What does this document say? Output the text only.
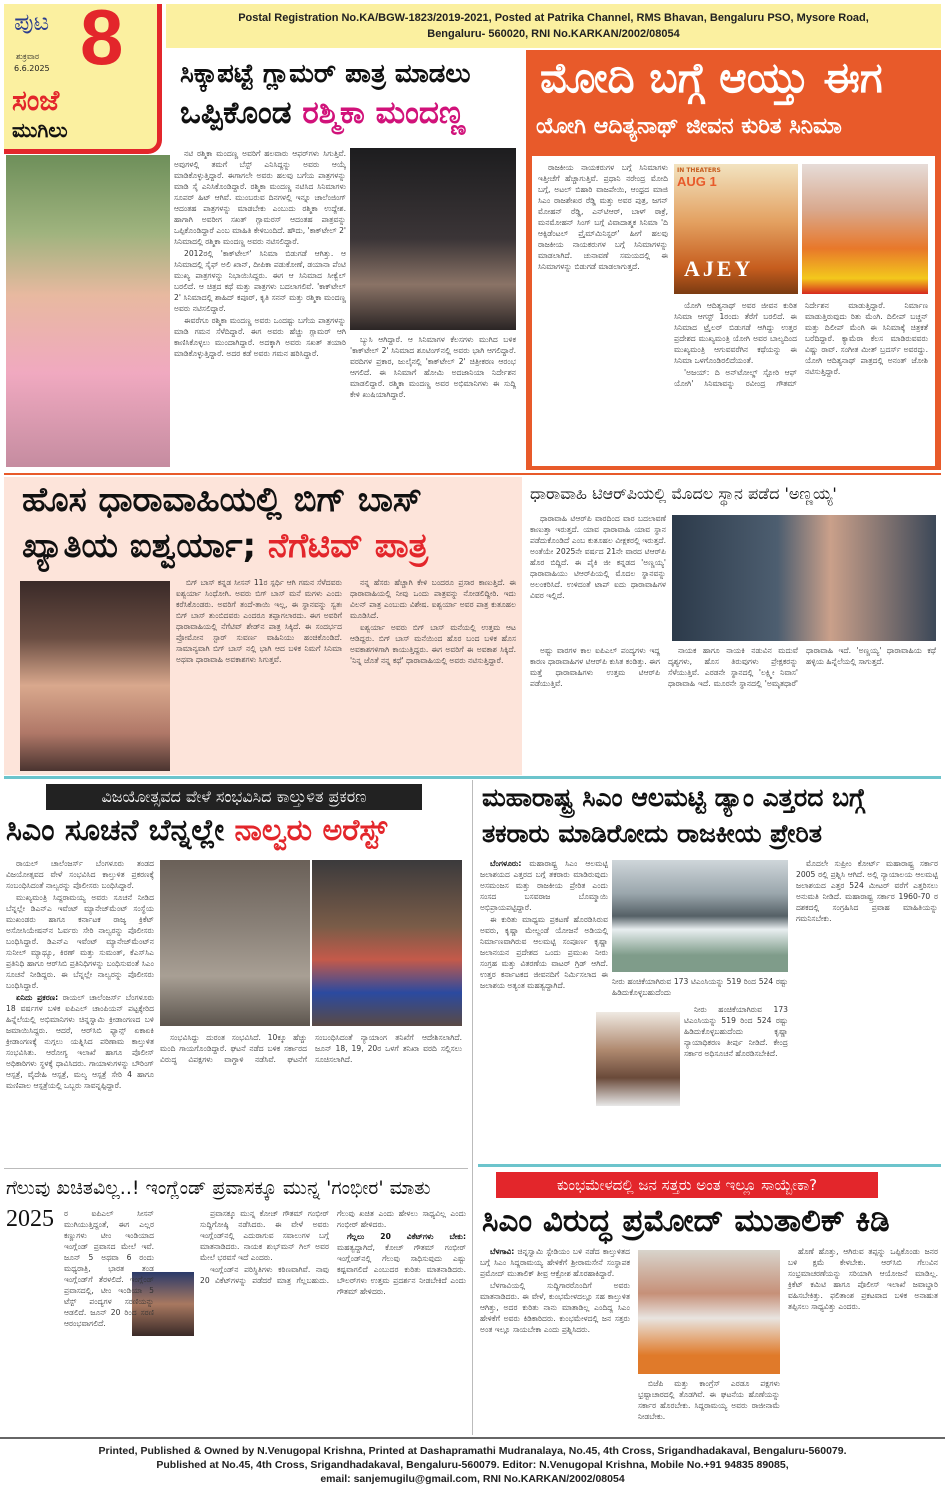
ಪುಟ 8
ಶುಕ್ರವಾರ
6.6.2025
ಸಂಜೆ
ಮುಗಿಲು
Postal Registration No.KA/BGW-1823/2019-2021, Posted at Patrika Channel, RMS Bhavan, Bengaluru PSO, Mysore Road,
Bengaluru- 560020, RNI No.KARKAN/2002/08054
ಸಿಕ್ಕಾಪಟ್ಟೆ ಗ್ಲಾಮರ್ ಪಾತ್ರ ಮಾಡಲು
ಒಪ್ಪಿಕೊಂಡ ರಶ್ಮಿಕಾ ಮಂದಣ್ಣ

ನಟಿ ರಶ್ಮಿಕಾ ಮಂದಣ್ಣ ಅವರಿಗೆ ಹಲವಾರು ಆಫರ್‌ಗಳು ಸಿಗುತ್ತಿವೆ. ಅವುಗಳಲ್ಲಿ ತಮಗೆ ಬೆಸ್ಟ್ ಎನಿಸಿದ್ದನ್ನು ಅವರು ಆಯ್ಕೆ ಮಾಡಿಕೊಳ್ಳುತ್ತಿದ್ದಾರೆ. ಈಗಾಗಲೇ ಅವರು ಹಲವು ಬಗೆಯ ಪಾತ್ರಗಳನ್ನು ಮಾಡಿ ಸೈ ಎನಿಸಿಕೊಂಡಿದ್ದಾರೆ. ರಶ್ಮಿಕಾ ಮಂದಣ್ಣ ನಟಿಸಿದ ಸಿನಿಮಾಗಳು ಸೂಪರ್ ಹಿಟ್ ಆಗಿವೆ. ಮುಂಬರುವ ದಿನಗಳಲ್ಲಿ ಇನ್ನೂ ಚಾಲೆಂಜಿಂಗ್ ಆದಂತಹ ಪಾತ್ರಗಳನ್ನು ಮಾಡಬೇಕು ಎಂಬುದು ರಶ್ಮಿಕಾ ಉದ್ದೇಶ. ಹಾಗಾಗಿ ಅವರೀಗ ಸಖತ್ ಗ್ಲಾಮರಸ್ ಆದಂತಹ ಪಾತ್ರವನ್ನು ಒಪ್ಪಿಕೊಂಡಿದ್ದಾರೆ ಎಂಬ ಮಾಹಿತಿ ಕೇಳಿಬಂದಿದೆ. ಹೌದು, 'ಕಾಕ್‌ಟೇಲ್ 2' ಸಿನಿಮಾದಲ್ಲಿ ರಶ್ಮಿಕಾ ಮಂದಣ್ಣ ಅವರು ನಟಿಸಲಿದ್ದಾರೆ.

2012ರಲ್ಲಿ 'ಕಾಕ್‌ಟೇಲ್' ಸಿನಿಮಾ ಬಿಡುಗಡೆ ಆಗಿತ್ತು. ಆ ಸಿನಿಮಾದಲ್ಲಿ ಸೈಫ್ ಅಲಿ ಖಾನ್, ದೀಪಿಕಾ ಪಡುಕೋಣೆ, ಡಯಾನಾ ಪೆಂಟಿ ಮುಖ್ಯ ಪಾತ್ರಗಳನ್ನು ನಿಭಾಯಿಸಿದ್ದರು. ಈಗ ಆ ಸಿನಿಮಾದ ಸೀಕ್ವೆಲ್ ಬರಲಿದೆ. ಆ ಚಿತ್ರದ ಕಥೆ ಮತ್ತು ಪಾತ್ರಗಳು ಬದಲಾಗಲಿವೆ. 'ಕಾಕ್‌ಟೇಲ್ 2' ಸಿನಿಮಾದಲ್ಲಿ ಶಾಹಿದ್ ಕಪೂರ್, ಕೃತಿ ಸನನ್ ಮತ್ತು ರಶ್ಮಿಕಾ ಮಂದಣ್ಣ ಅವರು ನಟಿಸಲಿದ್ದಾರೆ.

ಈವರೆಗೂ ರಶ್ಮಿಕಾ ಮಂದಣ್ಣ ಅವರು ಒಂದಷ್ಟು ಬಗೆಯ ಪಾತ್ರಗಳನ್ನು ಮಾಡಿ ಗಮನ ಸೆಳೆದಿದ್ದಾರೆ. ಈಗ ಅವರು ಹೆಚ್ಚು ಗ್ಲಾಮರ್ ಆಗಿ ಕಾಣಿಸಿಕೊಳ್ಳಲು ಮುಂದಾಗಿದ್ದಾರೆ. ಅದಕ್ಕಾಗಿ ಅವರು ಸಖತ್ ತಯಾರಿ ಮಾಡಿಕೊಳ್ಳುತ್ತಿದ್ದಾರೆ. ಅದರ ಕಡೆ ಅವರು ಗಮನ ಹರಿಸಿದ್ದಾರೆ.

ಬ್ಯುಸಿ ಆಗಿದ್ದಾರೆ. ಆ ಸಿನಿಮಾಗಳ ಕೆಲಸಗಳು ಮುಗಿದ ಬಳಿಕ 'ಕಾಕ್‌ಟೇಲ್ 2' ಸಿನಿಮಾದ ಶೂಟಿಂಗ್‌ನಲ್ಲಿ ಅವರು ಭಾಗಿ ಆಗಲಿದ್ದಾರೆ. ವರದಿಗಳ ಪ್ರಕಾರ, ಜುಲೈನಲ್ಲಿ 'ಕಾಕ್‌ಟೇಲ್ 2' ಚಿತ್ರೀಕರಣ ಆರಂಭ ಆಗಲಿದೆ. ಈ ಸಿನಿಮಾಗೆ ಹೋಮಿ ಅದಜಾನಿಯಾ ನಿರ್ದೇಶನ ಮಾಡಲಿದ್ದಾರೆ. ರಶ್ಮಿಕಾ ಮಂದಣ್ಣ ಅವರ ಅಭಿಮಾನಿಗಳು ಈ ಸುದ್ದಿ ಕೇಳಿ ಖುಷಿಯಾಗಿದ್ದಾರೆ.

ಮೋದಿ ಬಗ್ಗೆ ಆಯ್ತು ಈಗ
ಯೋಗಿ ಆದಿತ್ಯನಾಥ್ ಜೀವನ ಕುರಿತ ಸಿನಿಮಾ

ರಾಜಕೀಯ ನಾಯಕರುಗಳ ಬಗ್ಗೆ ಸಿನಿಮಾಗಳು ಇತ್ತೀಚೆಗೆ ಹೆಚ್ಚಾಗುತ್ತಿವೆ. ಪ್ರಧಾನಿ ನರೇಂದ್ರ ಮೋದಿ ಬಗ್ಗೆ, ಅಟಲ್ ಬಿಹಾರಿ ವಾಜಪೇಯಿ, ಆಂಧ್ರದ ಮಾಜಿ ಸಿಎಂ ರಾಜಶೇಖರ ರೆಡ್ಡಿ ಮತ್ತು ಅವರ ಪುತ್ರ, ಜಗನ್ ಮೋಹನ್ ರೆಡ್ಡಿ, ಎನ್‌ಟಿಆರ್, ಬಾಳ್ ಠಾಕ್ರೆ, ಮನಮೋಹನ್ ಸಿಂಗ್ ಬಗ್ಗೆ ವಿವಾದಾತ್ಮಕ ಸಿನಿಮಾ 'ದಿ ಆಕ್ಸಿಡೆಂಟಲ್ ಪ್ರೈಮ್‌ಮಿನಿಸ್ಟರ್' ಹೀಗೆ ಹಲವು ರಾಜಕೀಯ ನಾಯಕರುಗಳ ಬಗ್ಗೆ ಸಿನಿಮಾಗಳನ್ನು ಮಾಡಲಾಗಿದೆ. ಚುನಾವಣೆ ಸಮಯದಲ್ಲಿ ಈ ಸಿನಿಮಾಗಳನ್ನು ಬಿಡುಗಡೆ ಮಾಡಲಾಗುತ್ತದೆ.

IN THEATERS
AUG 1
AJEY

ಯೋಗಿ ಆದಿತ್ಯನಾಥ್ ಅವರ ಜೀವನ ಕುರಿತ ಸಿನಿಮಾ ಆಗಸ್ಟ್ 1ರಂದು ತೆರೆಗೆ ಬರಲಿದೆ. ಈ ಸಿನಿಮಾದ ಟ್ರೈಲರ್ ಬಿಡುಗಡೆ ಆಗಿದ್ದು ಉತ್ತರ ಪ್ರದೇಶದ ಮುಖ್ಯಮಂತ್ರಿ ಯೋಗಿ ಅವರ ಬಾಲ್ಯದಿಂದ ಮುಖ್ಯಮಂತ್ರಿ ಆಗುವವರೆಗಿನ ಕಥೆಯನ್ನು ಈ ಸಿನಿಮಾ ಒಳಗೊಂಡಿರಲಿದೆಯಂತೆ.

'ಅಜಯ್: ದಿ ಅನ್‌ಟೋಲ್ಡ್ ಸ್ಟೋರಿ ಆಫ್ ಯೋಗಿ' ಸಿನಿಮಾವನ್ನು ರವೀಂದ್ರ ಗೌತಮ್ ನಿರ್ದೇಶನ ಮಾಡುತ್ತಿದ್ದಾರೆ. ನಿರ್ಮಾಣ ಮಾಡುತ್ತಿರುವುದು ರಿತು ಮೆಂಗಿ. ದಿಲೀಪ್ ಬಚ್ಚನ್ ಮತ್ತು ದಿಲೀಪ್ ಮೆಂಗಿ ಈ ಸಿನಿಮಾಕ್ಕೆ ಚಿತ್ರಕತೆ ಬರೆದಿದ್ದಾರೆ. ಕ್ಯಾಮೆರಾ ಕೆಲಸ ಮಾಡಿರುವವರು ವಿಷ್ಣು ರಾವ್. ಸಂಗೀತ ಮೀತ್ ಬ್ರದರ್ಸ್ ಅವರದ್ದು. ಯೋಗಿ ಆದಿತ್ಯನಾಥ್ ಪಾತ್ರದಲ್ಲಿ ಅನಂತ್ ಜೋಶಿ ನಟಿಸುತ್ತಿದ್ದಾರೆ.

ಹೊಸ ಧಾರಾವಾಹಿಯಲ್ಲಿ ಬಿಗ್ ಬಾಸ್
ಖ್ಯಾತಿಯ ಐಶ್ವರ್ಯಾ; ನೆಗೆಟಿವ್ ಪಾತ್ರ

ಬಿಗ್ ಬಾಸ್ ಕನ್ನಡ ಸೀಸನ್ 11ರ ಸ್ಪರ್ಧಿ ಆಗಿ ಗಮನ ಸೆಳೆದವರು ಐಶ್ವರ್ಯಾ ಸಿಂಧೋಗಿ. ಅವರು ಬಿಗ್ ಬಾಸ್ ಮನೆ ಮಗಳು ಎಂದು ಕರೆಸಿಕೊಂಡರು. ಅವರಿಗೆ ತಂದೆ-ತಾಯಿ ಇಲ್ಲ, ಈ ಸ್ಥಾನವನ್ನು ಸ್ವತಃ ಬಿಗ್ ಬಾಸ್ ತುಂಬಿದವರು ಎಂದರೂ ತಪ್ಪಾಗಲಾರದು. ಈಗ ಅವರಿಗೆ ಧಾರಾವಾಹಿಯಲ್ಲಿ ನೆಗೆಟಿವ್ ಶೇಡ್‌ನ ಪಾತ್ರ ಸಿಕ್ಕಿದೆ. ಈ ಸಂದರ್ಭದ ಪ್ರೋಮೋನ ಸ್ಟಾರ್ ಸುವರ್ಣ ವಾಹಿನಿಯು ಹಂಚಿಕೊಂಡಿದೆ. ಸಾಮಾನ್ಯವಾಗಿ ಬಿಗ್ ಬಾಸ್ ನಲ್ಲಿ ಭಾಗಿ ಆದ ಬಳಿಕ ನಿಮಗೆ ಸಿನಿಮಾ ಅಥವಾ ಧಾರಾವಾಹಿ ಅವಕಾಶಗಳು ಸಿಗುತ್ತವೆ.

ನನ್ನ ಹೆಸರು ಹೆಚ್ಚಾಗಿ ಕೇಳಿ ಬಂದರೂ ಪ್ರಸಾರ ಕಾಣುತ್ತಿದೆ. ಈ ಧಾರಾವಾಹಿಯಲ್ಲಿ ನೀವು ಒಂದು ಪಾತ್ರವನ್ನು ನೋಡಲಿದ್ದೀರಿ. ಇದು ವಿಲನ್ ಪಾತ್ರ ಎಂಬುದು ವಿಶೇಷ. ಐಶ್ವರ್ಯಾ ಅವರ ಪಾತ್ರ ಕುತೂಹಲ ಮೂಡಿಸಿದೆ.

ಐಶ್ವರ್ಯಾ ಅವರು ಬಿಗ್ ಬಾಸ್ ಮನೆಯಲ್ಲಿ ಉತ್ತಮ ಆಟ ಆಡಿದ್ದರು. ಬಿಗ್ ಬಾಸ್ ಮನೆಯಿಂದ ಹೊರ ಬಂದ ಬಳಿಕ ಹೊಸ ಅವಕಾಶಗಳಿಗಾಗಿ ಕಾಯುತ್ತಿದ್ದರು. ಈಗ ಅವರಿಗೆ ಈ ಅವಕಾಶ ಸಿಕ್ಕಿದೆ. 'ನಿನ್ನ ಜೊತೆ ನನ್ನ ಕಥೆ' ಧಾರಾವಾಹಿಯಲ್ಲಿ ಅವರು ನಟಿಸುತ್ತಿದ್ದಾರೆ.

ಧಾರಾವಾಹಿ ಟಿಆರ್‌ಪಿಯಲ್ಲಿ ಮೊದಲ ಸ್ಥಾನ ಪಡೆದ 'ಅಣ್ಣಯ್ಯ'

ಧಾರಾವಾಹಿ ಟಿಆರ್‌ಪಿ ವಾರದಿಂದ ವಾರ ಬದಲಾವಣೆ ಕಾಣುತ್ತಾ ಇರುತ್ತದೆ. ಯಾವ ಧಾರಾವಾಹಿ ಯಾವ ಸ್ಥಾನ ಪಡೆದುಕೊಂಡಿದೆ ಎಂಬ ಕುತೂಹಲ ವೀಕ್ಷಕರಲ್ಲಿ ಇರುತ್ತದೆ. ಅಂತೆಯೇ 2025ನೇ ವರ್ಷದ 21ನೇ ವಾರದ ಟಿಆರ್‌ಪಿ ಹೊರ ಬಿದ್ದಿದೆ. ಈ ಪೈಕಿ ಜೀ ಕನ್ನಡದ 'ಅಣ್ಣಯ್ಯ' ಧಾರಾವಾಹಿಯು ಟಿಆರ್‌ಪಿಯಲ್ಲಿ ಮೊದಲ ಸ್ಥಾನವನ್ನು ಅಲಂಕರಿಸಿದೆ. ಉಳಿದಂತೆ ಟಾಪ್ ಐದು ಧಾರಾವಾಹಿಗಳ ವಿವರ ಇಲ್ಲಿದೆ.

ಅಷ್ಟು ವಾರಗಳ ಕಾಲ ಐಪಿಎಲ್ ಪಂದ್ಯಗಳು ಇದ್ದ ಕಾರಣ ಧಾರಾವಾಹಿಗಳ ಟಿಆರ್‌ಪಿ ಕುಸಿತ ಕಂಡಿತ್ತು. ಈಗ ಮತ್ತೆ ಧಾರಾವಾಹಿಗಳು ಉತ್ತಮ ಟಿಆರ್‌ಪಿ ಪಡೆಯುತ್ತಿವೆ.

ನಾಯಕ ಹಾಗೂ ನಾಯಕಿ ನಡುವಿನ ಮದುವೆ ದೃಶ್ಯಗಳು, ಹೊಸ ತಿರುವುಗಳು ಪ್ರೇಕ್ಷಕರನ್ನು ಸೆಳೆಯುತ್ತಿವೆ. ಎರಡನೇ ಸ್ಥಾನದಲ್ಲಿ 'ಲಕ್ಷ್ಮೀ ನಿವಾಸ' ಧಾರಾವಾಹಿ ಇದೆ. ಮೂರನೇ ಸ್ಥಾನದಲ್ಲಿ 'ಅಮೃತಧಾರೆ' ಧಾರಾವಾಹಿ ಇದೆ. 'ಅಣ್ಣಯ್ಯ' ಧಾರಾವಾಹಿಯ ಕಥೆ ಹಳ್ಳಿಯ ಹಿನ್ನೆಲೆಯಲ್ಲಿ ಸಾಗುತ್ತದೆ.

ವಿಜಯೋತ್ಸವದ ವೇಳೆ ಸಂಭವಿಸಿದ ಕಾಲ್ತುಳಿತ ಪ್ರಕರಣ
ಸಿಎಂ ಸೂಚನೆ ಬೆನ್ನಲ್ಲೇ ನಾಲ್ವರು ಅರೆಸ್ಟ್

ರಾಯಲ್ ಚಾಲೆಂಜರ್ಸ್ ಬೆಂಗಳೂರು ತಂಡದ ವಿಜಯೋತ್ಸವದ ವೇಳೆ ಸಂಭವಿಸಿದ ಕಾಲ್ತುಳಿತ ಪ್ರಕರಣಕ್ಕೆ ಸಂಬಂಧಿಸಿದಂತೆ ನಾಲ್ವರನ್ನು ಪೊಲೀಸರು ಬಂಧಿಸಿದ್ದಾರೆ.

ಮುಖ್ಯಮಂತ್ರಿ ಸಿದ್ದರಾಮಯ್ಯ ಅವರು ಸೂಚನೆ ನೀಡಿದ ಬೆನ್ನಲ್ಲೇ ಡಿಎನ್‌ಎ ಇವೆಂಟ್ ಮ್ಯಾನೇಜ್‌ಮೆಂಟ್ ಸಂಸ್ಥೆಯ ಮುಖಂಡರು ಹಾಗೂ ಕರ್ನಾಟಕ ರಾಜ್ಯ ಕ್ರಿಕೆಟ್ ಅಸೋಸಿಯೇಷನ್‌ನ ಓರ್ವರು ಸೇರಿ ನಾಲ್ವರನ್ನು ಪೊಲೀಸರು ಬಂಧಿಸಿದ್ದಾರೆ. ಡಿಎನ್‌ಎ ಇವೆಂಟ್ ಮ್ಯಾನೇಜ್‌ಮೆಂಟ್‌ನ ಸುನೀಲ್ ಮ್ಯಾಥ್ಯೂ, ಕಿರಣ್ ಮತ್ತು ಸುಮಂತ್, ಕೆಎಸ್‌ಸಿಎ ಪ್ರತಿನಿಧಿ ಹಾಗೂ ಆರ್‌ಸಿಬಿ ಪ್ರತಿನಿಧಿಗಳನ್ನು ಬಂಧಿಸುವಂತೆ ಸಿಎಂ ಸೂಚನೆ ನೀಡಿದ್ದರು. ಈ ಬೆನ್ನಲ್ಲೇ ನಾಲ್ವರನ್ನು ಪೊಲೀಸರು ಬಂಧಿಸಿದ್ದಾರೆ.

ಏನಿದು ಪ್ರಕರಣ: ರಾಯಲ್ ಚಾಲೆಂಜರ್ಸ್ ಬೆಂಗಳೂರು 18 ವರ್ಷಗಳ ಬಳಿಕ ಐಪಿಎಲ್ ಚಾಂಪಿಯನ್ ಪಟ್ಟಕ್ಕೇರಿದ ಹಿನ್ನೆಲೆಯಲ್ಲಿ ಅಭಿಮಾನಿಗಳು ಚಿನ್ನಸ್ವಾಮಿ ಕ್ರೀಡಾಂಗಣದ ಬಳಿ ಜಮಾಯಿಸಿದ್ದರು. ಆದರೆ, ಆರ್‌ಸಿಬಿ ಫ್ಯಾನ್ಸ್ ಏಕಾಏಕಿ ಕ್ರೀಡಾಂಗಣಕ್ಕೆ ನುಗ್ಗಲು ಯತ್ನಿಸಿದ ಪರಿಣಾಮ ಕಾಲ್ತುಳಿತ ಸಂಭವಿಸಿತು. ಆರೋಗ್ಯ ಇಲಾಖೆ ಹಾಗೂ ಪೊಲೀಸ್ ಅಧಿಕಾರಿಗಳು ಸ್ಥಳಕ್ಕೆ ಧಾವಿಸಿದರು. ಗಾಯಾಳುಗಳನ್ನು ಬೌರಿಂಗ್ ಆಸ್ಪತ್ರೆ, ವೈದೇಹಿ ಆಸ್ಪತ್ರೆ, ಮಲ್ಯ ಆಸ್ಪತ್ರೆ ಸೇರಿ 4 ಹಾಗೂ ಮಣಿಪಾಲ ಆಸ್ಪತ್ರೆಯಲ್ಲಿ ಒಬ್ಬರು ಸಾವನ್ನಪ್ಪಿದ್ದಾರೆ.

ಸಂಭವಿಸಿದ್ದು ದುರಂತ ಸಂಭವಿಸಿದೆ. 10ಕ್ಕೂ ಹೆಚ್ಚು ಮಂದಿ ಗಾಯಗೊಂಡಿದ್ದಾರೆ. ಘಟನೆ ನಡೆದ ಬಳಿಕ ಸರ್ಕಾರದ ವಿರುದ್ಧ ವಿಪಕ್ಷಗಳು ವಾಗ್ದಾಳಿ ನಡೆಸಿವೆ. ಘಟನೆಗೆ ಸಂಬಂಧಿಸಿದಂತೆ ನ್ಯಾಯಾಂಗ ತನಿಖೆಗೆ ಆದೇಶಿಸಲಾಗಿದೆ. ಜೂನ್ 18, 19, 20ರ ಒಳಗೆ ತನಿಖಾ ವರದಿ ಸಲ್ಲಿಸಲು ಸೂಚಿಸಲಾಗಿದೆ.

ಮಹಾರಾಷ್ಟ್ರ ಸಿಎಂ ಆಲಮಟ್ಟಿ ಡ್ಯಾಂ ಎತ್ತರದ ಬಗ್ಗೆ
ತಕರಾರು ಮಾಡಿರೋದು ರಾಜಕೀಯ ಪ್ರೇರಿತ

ಬೆಂಗಳೂರು: ಮಹಾರಾಷ್ಟ್ರ ಸಿಎಂ ಆಲಮಟ್ಟಿ ಜಲಾಶಯದ ಎತ್ತರದ ಬಗ್ಗೆ ತಕರಾರು ಮಾಡಿರುವುದು ಅಸಮಂಜಸ ಮತ್ತು ರಾಜಕೀಯ ಪ್ರೇರಿತ ಎಂದು ಸಂಸದ ಬಸವರಾಜ ಬೊಮ್ಮಾಯಿ ಅಭಿಪ್ರಾಯಪಟ್ಟಿದ್ದಾರೆ.

ಈ ಕುರಿತು ಮಾಧ್ಯಮ ಪ್ರಕಟಣೆ ಹೊರಡಿಸಿರುವ ಅವರು, ಕೃಷ್ಣಾ ಮೇಲ್ದಂಡೆ ಯೋಜನೆ ಅಡಿಯಲ್ಲಿ ನಿರ್ಮಾಣವಾಗಿರುವ ಆಲಮಟ್ಟಿ ಸಂಪೂರ್ಣ ಕೃಷ್ಣಾ ಜಲಾನಯನ ಪ್ರದೇಶದ ಒಂದು ಪ್ರಮುಖ ನೀರು ಸಂಗ್ರಹ ಮತ್ತು ವಿತರಣೆಯ ವಾಟರ್ ಗ್ರಿಡ್ ಆಗಿದೆ. ಉತ್ತರ ಕರ್ನಾಟಕದ ಜೀವನದಿಗೆ ನಿರ್ಮಿಸಲಾದ ಈ ಜಲಾಶಯ ಅತ್ಯಂತ ಮಹತ್ವದ್ದಾಗಿದೆ.	ನೀರು ಹಂಚಿಕೆಯಾಗಿರುವ 173 ಟಿಎಂಸಿಯನ್ನು 519 ರಿಂದ 524 ರಷ್ಟು ಹಿಡಿದುಕೊಳ್ಳಬಹುದೆಂದು

ನೀರು ಹಂಚಿಕೆಯಾಗಿರುವ 173 ಟಿಎಂಸಿಯನ್ನು 519 ರಿಂದ 524 ರಷ್ಟು ಹಿಡಿದುಕೊಳ್ಳಬಹುದೆಂದು ಕೃಷ್ಣಾ ನ್ಯಾಯಾಧಿಕರಣ ತೀರ್ಪು ನೀಡಿದೆ. ಕೇಂದ್ರ ಸರ್ಕಾರ ಅಧಿಸೂಚನೆ ಹೊರಡಿಸಬೇಕಿದೆ.

ಮೊದಲೇ ಸುಪ್ರೀಂ ಕೋರ್ಟ್ ಮಹಾರಾಷ್ಟ್ರ ಸರ್ಕಾರ 2005 ರಲ್ಲಿ ಪ್ರಶ್ನಿಸಿ ಆಗಿದೆ. ಅಲ್ಲಿ ನ್ಯಾಯಾಲಯ ಆಲಮಟ್ಟಿ ಜಲಾಶಯದ ಎತ್ತರ 524 ಮೀಟರ್ ವರೆಗೆ ಎತ್ತರಿಸಲು ಅನುಮತಿ ನೀಡಿದೆ. ಮಹಾರಾಷ್ಟ್ರ ಸರ್ಕಾರ 1960-70 ರ ದಶಕದಲ್ಲಿ ಸಂಗ್ರಹಿಸಿದ ಪ್ರವಾಹ ಮಾಹಿತಿಯನ್ನು ಗಮನಿಸಬೇಕು.

ಗೆಲುವು ಖಚಿತವಿಲ್ಲ..! ಇಂಗ್ಲೆಂಡ್ ಪ್ರವಾಸಕ್ಕೂ ಮುನ್ನ 'ಗಂಭೀರ' ಮಾತು
2025 ರ ಐಪಿಎಲ್ ಸೀಸನ್ ಮುಗಿಯುತ್ತಿದ್ದಂತೆ, ಈಗ ಎಲ್ಲರ ಕಣ್ಣುಗಳು ಟೀಂ ಇಂಡಿಯಾದ ಇಂಗ್ಲೆಂಡ್ ಪ್ರವಾಸದ ಮೇಲೆ ಇವೆ. ಜೂನ್ 5 ಅಥವಾ 6 ರಂದು ಮಧ್ಯರಾತ್ರಿ, ಭಾರತ ತಂಡ ಇಂಗ್ಲೆಂಡ್‌ಗೆ ತೆರಳಲಿದೆ. ಇಂಗ್ಲೆಂಡ್ ಪ್ರವಾಸದಲ್ಲಿ, ಟೀಂ ಇಂಡಿಯಾ 5 ಟೆಸ್ಟ್ ಪಂದ್ಯಗಳ ಸರಣಿಯನ್ನು ಆಡಲಿದೆ. ಜೂನ್ 20 ರಿಂದ ಸರಣಿ ಆರಂಭವಾಗಲಿದೆ.

ಪ್ರವಾಸಕ್ಕೂ ಮುನ್ನ ಕೋಚ್ ಗೌತಮ್ ಗಂಭೀರ್ ಸುದ್ದಿಗೋಷ್ಠಿ ನಡೆಸಿದರು. ಈ ವೇಳೆ ಅವರು ಇಂಗ್ಲೆಂಡ್‌ನಲ್ಲಿ ಎದುರಾಗುವ ಸವಾಲುಗಳ ಬಗ್ಗೆ ಮಾತನಾಡಿದರು. ನಾಯಕ ಶುಭ್‌ಮನ್ ಗಿಲ್ ಅವರ ಮೇಲೆ ಭರವಸೆ ಇದೆ ಎಂದರು.

ಇಂಗ್ಲೆಂಡ್‌ನ ಪರಿಸ್ಥಿತಿಗಳು ಕಠಿಣವಾಗಿವೆ. ನಾವು 20 ವಿಕೆಟ್‌ಗಳನ್ನು ಪಡೆದರೆ ಮಾತ್ರ ಗೆಲ್ಲಬಹುದು. ಗೆಲುವು ಖಚಿತ ಎಂದು ಹೇಳಲು ಸಾಧ್ಯವಿಲ್ಲ ಎಂದು ಗಂಭೀರ್ ಹೇಳಿದರು.

ಗೆಲ್ಲಲು 20 ವಿಕೆಟ್‌ಗಳು ಬೇಕು: ಮಹತ್ವದ್ದಾಗಿದೆ, ಕೋಚ್ ಗೌತಮ್ ಗಂಭೀರ್ ಇಂಗ್ಲೆಂಡ್‌ನಲ್ಲಿ ಗೆಲುವು ಸಾಧಿಸುವುದು ಎಷ್ಟು ಕಷ್ಟವಾಗಲಿದೆ ಎಂಬುದರ ಕುರಿತು ಮಾತನಾಡಿದರು. ಬೌಲರ್‌ಗಳು ಉತ್ತಮ ಪ್ರದರ್ಶನ ನೀಡಬೇಕಿದೆ ಎಂದು ಗೌತಮ್ ಹೇಳಿದರು.

ಕುಂಭಮೇಳದಲ್ಲಿ ಜನ ಸತ್ತರು ಅಂತ ಇಲ್ಲೂ ಸಾಯ್ಬೇಕಾ?
ಸಿಎಂ ವಿರುದ್ಧ ಪ್ರಮೋದ್ ಮುತಾಲಿಕ್ ಕಿಡಿ

ಬೆಳಗಾವಿ: ಚಿನ್ನಸ್ವಾಮಿ ಸ್ಟೇಡಿಯಂ ಬಳಿ ನಡೆದ ಕಾಲ್ತುಳಿತದ ಬಗ್ಗೆ ಸಿಎಂ ಸಿದ್ದರಾಮಯ್ಯ ಹೇಳಿಕೆಗೆ ಶ್ರೀರಾಮಸೇನೆ ಸಂಸ್ಥಾಪಕ ಪ್ರಮೋದ್ ಮುತಾಲಿಕ್ ತೀವ್ರ ಆಕ್ರೋಶ ಹೊರಹಾಕಿದ್ದಾರೆ.

ಬೆಳಗಾವಿಯಲ್ಲಿ ಸುದ್ದಿಗಾರರೊಂದಿಗೆ ಅವರು ಮಾತನಾಡಿದರು. ಈ ವೇಳೆ, ಕುಂಭಮೇಳದಲ್ಲೂ ಸಹ ಕಾಲ್ತುಳಿತ ಆಗಿತ್ತು, ಅದರ ಕುರಿತು ನಾನು ಮಾತಾಡಿಲ್ಲ ಎಂದಿದ್ದ ಸಿಎಂ ಹೇಳಿಕೆಗೆ ಅವರು ಕಿಡಿಕಾರಿದರು. ಕುಂಭಮೇಳದಲ್ಲಿ ಜನ ಸತ್ತರು ಅಂತ ಇಲ್ಲೂ ಸಾಯಬೇಕಾ ಎಂದು ಪ್ರಶ್ನಿಸಿದರು.

ಬಿಜೆಪಿ ಮತ್ತು ಕಾಂಗ್ರೆಸ್ ಎರಡೂ ಪಕ್ಷಗಳು ಭ್ರಷ್ಟಾಚಾರದಲ್ಲಿ ತೊಡಗಿವೆ. ಈ ಘಟನೆಯ ಹೊಣೆಯನ್ನು ಸರ್ಕಾರ ಹೊರಬೇಕು. ಸಿದ್ದರಾಮಯ್ಯ ಅವರು ರಾಜೀನಾಮೆ ನೀಡಬೇಕು.

ಹೊಣೆ ಹೊತ್ತು, ಆಗಿರುವ ತಪ್ಪನ್ನು ಒಪ್ಪಿಕೊಂಡು ಜನರ ಬಳಿ ಕ್ಷಮೆ ಕೇಳಬೇಕು. ಆರ್‌ಸಿಬಿ ಗೆಲುವಿನ ಸಂಭ್ರಮಾಚರಣೆಯನ್ನು ಸರಿಯಾಗಿ ಆಯೋಜನೆ ಮಾಡಿಲ್ಲ. ಕ್ರಿಕೆಟ್ ಕಮಿಟಿ ಹಾಗೂ ಪೊಲೀಸ್ ಇಲಾಖೆ ಜವಾಬ್ದಾರಿ ವಹಿಸಬೇಕಿತ್ತು. ಫಲಿತಾಂಶ ಪ್ರಕಟವಾದ ಬಳಿಕ ಅನಾಹುತ ತಪ್ಪಿಸಲು ಸಾಧ್ಯವಿತ್ತು ಎಂದರು.

Printed, Published & Owned by N.Venugopal Krishna, Printed at Dashapramathi Mudranalaya, No.45, 4th Cross, Srigandhadakaval, Bengaluru-560079.
Published at No.45, 4th Cross, Srigandhadakaval, Bengaluru-560079. Editor: N.Venugopal Krishna, Mobile No.+91 94835 89085,
email: sanjemugilu@gmail.com, RNI No.KARKAN/2002/08054
